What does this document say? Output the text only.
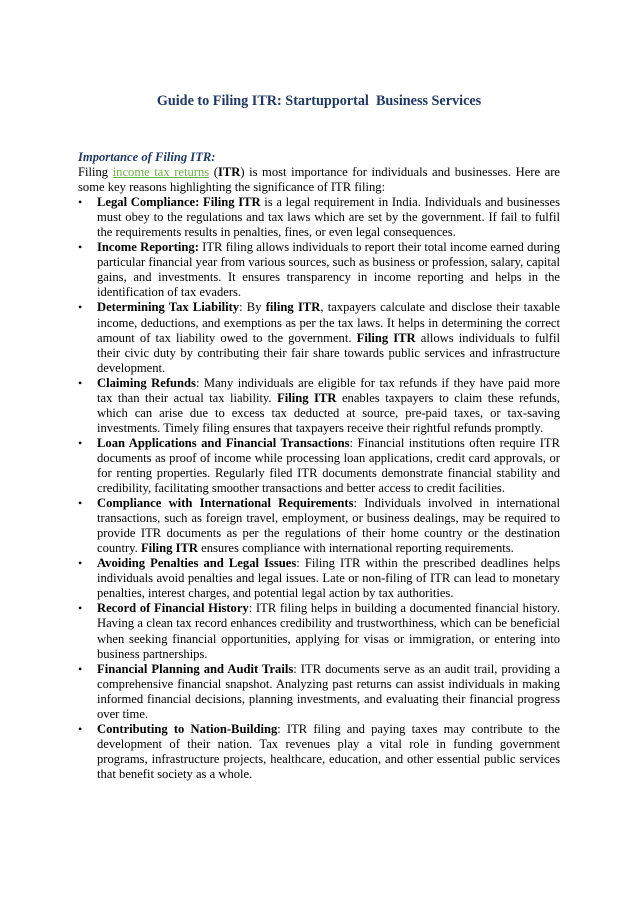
Guide to Filing ITR: Startupportal  Business Services
Importance of Filing ITR:
Filing income tax returns (ITR) is most importance for individuals and businesses. Here are some key reasons highlighting the significance of ITR filing:
•	Legal Compliance: Filing ITR is a legal requirement in India. Individuals and businesses must obey to the regulations and tax laws which are set by the government. If fail to fulfil the requirements results in penalties, fines, or even legal consequences.
•	Income Reporting: ITR filing allows individuals to report their total income earned during particular financial year from various sources, such as business or profession, salary, capital gains, and investments. It ensures transparency in income reporting and helps in the identification of tax evaders.
•	Determining Tax Liability: By filing ITR, taxpayers calculate and disclose their taxable income, deductions, and exemptions as per the tax laws. It helps in determining the correct amount of tax liability owed to the government. Filing ITR allows individuals to fulfil their civic duty by contributing their fair share towards public services and infrastructure development.
•	Claiming Refunds: Many individuals are eligible for tax refunds if they have paid more tax than their actual tax liability. Filing ITR enables taxpayers to claim these refunds, which can arise due to excess tax deducted at source, pre-paid taxes, or tax-saving investments. Timely filing ensures that taxpayers receive their rightful refunds promptly.
•	Loan Applications and Financial Transactions: Financial institutions often require ITR documents as proof of income while processing loan applications, credit card approvals, or for renting properties. Regularly filed ITR documents demonstrate financial stability and credibility, facilitating smoother transactions and better access to credit facilities.
•	Compliance with International Requirements: Individuals involved in international transactions, such as foreign travel, employment, or business dealings, may be required to provide ITR documents as per the regulations of their home country or the destination country. Filing ITR ensures compliance with international reporting requirements.
•	Avoiding Penalties and Legal Issues: Filing ITR within the prescribed deadlines helps individuals avoid penalties and legal issues. Late or non-filing of ITR can lead to monetary penalties, interest charges, and potential legal action by tax authorities.
•	Record of Financial History: ITR filing helps in building a documented financial history. Having a clean tax record enhances credibility and trustworthiness, which can be beneficial when seeking financial opportunities, applying for visas or immigration, or entering into business partnerships.
•	Financial Planning and Audit Trails: ITR documents serve as an audit trail, providing a comprehensive financial snapshot. Analyzing past returns can assist individuals in making informed financial decisions, planning investments, and evaluating their financial progress over time.
•	Contributing to Nation-Building: ITR filing and paying taxes may contribute to the development of their nation. Tax revenues play a vital role in funding government programs, infrastructure projects, healthcare, education, and other essential public services that benefit society as a whole.
